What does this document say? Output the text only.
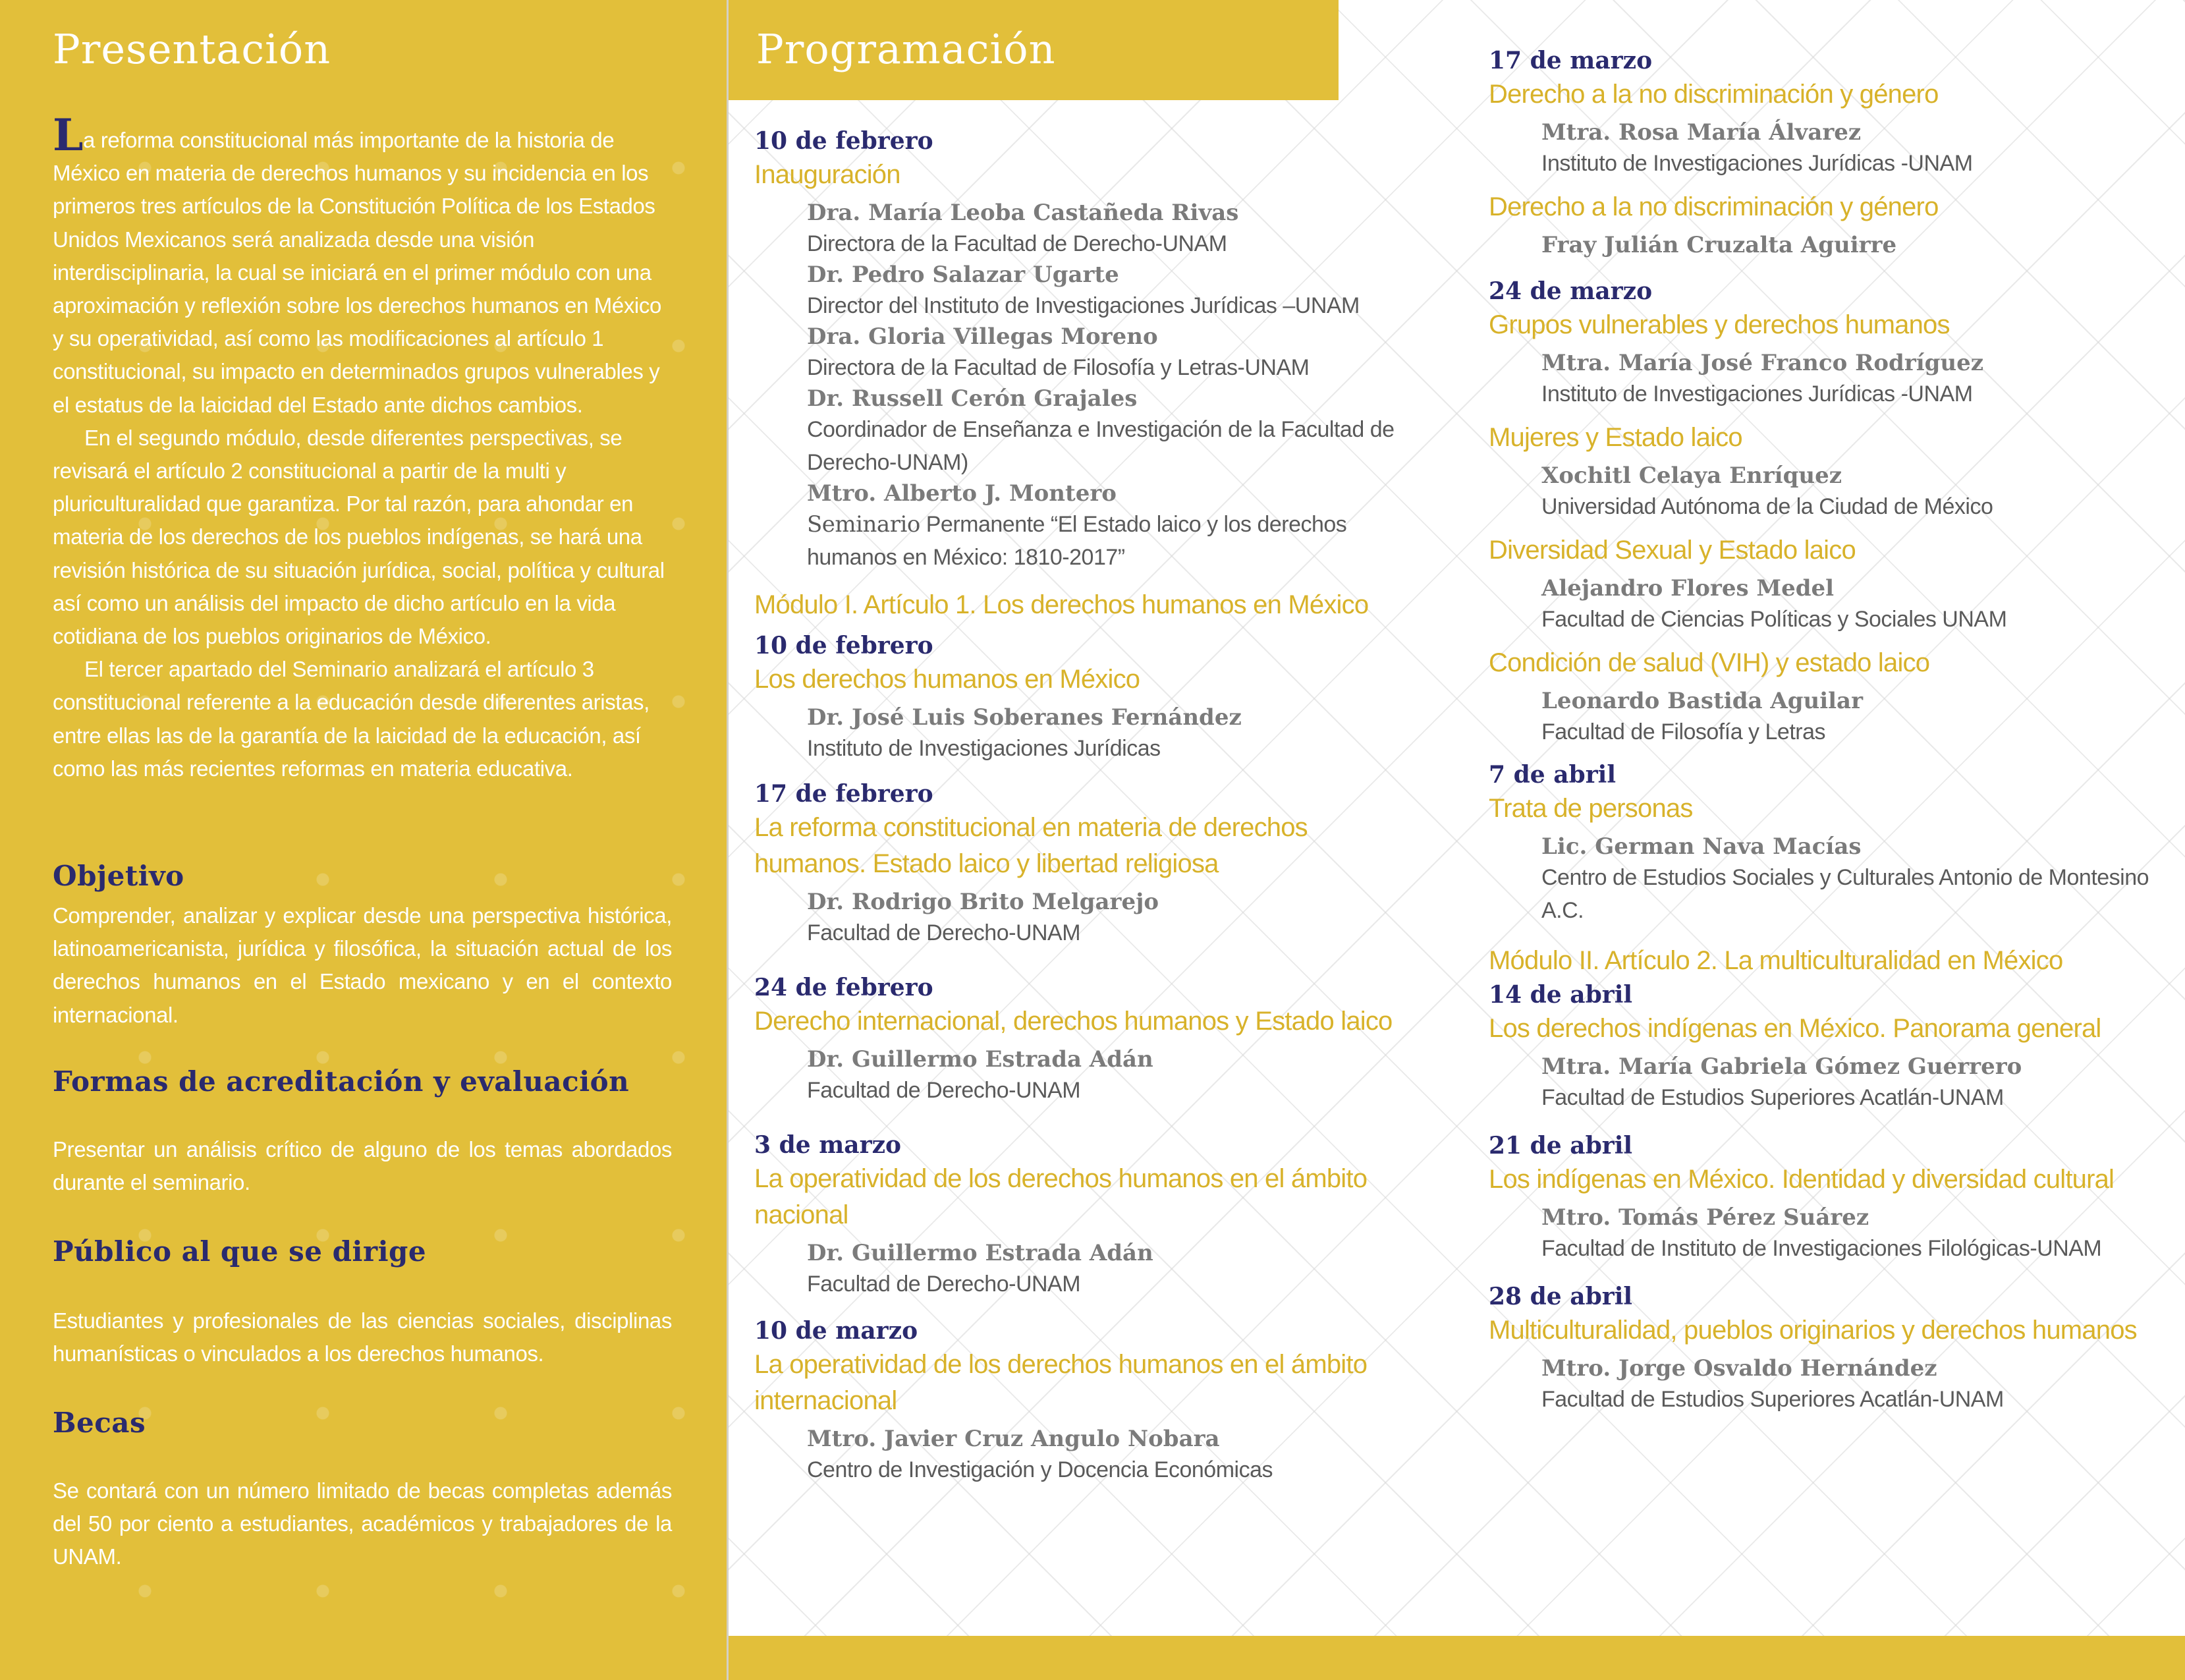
Presentación

La reforma constitucional más importante de la historia de México en materia de derechos humanos y su incidencia en los primeros tres artículos de la Constitución Política de los Estados Unidos Mexicanos será analizada desde una visión interdisciplinaria, la cual se iniciará en el primer módulo con una aproximación y reflexión sobre los derechos humanos en México y su operatividad, así como las modificaciones al artículo 1 constitucional, su impacto en determinados grupos vulnerables y el estatus de la laicidad del Estado ante dichos cambios.

En el segundo módulo, desde diferentes perspectivas, se revisará el artículo 2 constitucional a partir de la multi y pluriculturalidad que garantiza. Por tal razón, para ahondar en materia de los derechos de los pueblos indígenas, se hará una revisión histórica de su situación jurídica, social, política y cultural así como un análisis del impacto de dicho artículo en la vida cotidiana de los pueblos originarios de México.

El tercer apartado del Seminario analizará el artículo 3 constitucional referente a la educación desde diferentes aristas, entre ellas las de la garantía de la laicidad de la educación, así como las más recientes reformas en materia educativa.

Objetivo

Comprender, analizar y explicar desde una perspectiva histórica, latinoamericanista, jurídica y filosófica, la situación actual de los derechos humanos en el Estado mexicano y en el contexto internacional.

Formas de acreditación y evaluación

Presentar un análisis crítico de alguno de los temas abordados durante el seminario.

Público al que se dirige

Estudiantes y profesionales de las ciencias sociales, disciplinas humanísticas o vinculados a los derechos humanos.

Becas

Se contará con un número limitado de becas completas además del 50 por ciento a estudiantes, académicos y trabajadores de la UNAM.

Programación

10 de febrero

Inauguración

Dra. María Leoba Castañeda Rivas

Directora de la Facultad de Derecho-UNAM

Dr. Pedro Salazar Ugarte

Director del Instituto de Investigaciones Jurídicas –UNAM

Dra. Gloria Villegas Moreno

Directora de la Facultad de Filosofía y Letras-UNAM

Dr. Russell Cerón Grajales

Coordinador de Enseñanza e Investigación de la Facultad de Derecho-UNAM)

Mtro. Alberto J. Montero

Seminario Permanente “El Estado laico y los derechos humanos en México: 1810-2017”

Módulo I. Artículo 1. Los derechos humanos en México

10 de febrero

Los derechos humanos en México

Dr. José Luis Soberanes Fernández

Instituto de Investigaciones Jurídicas

17 de febrero

La reforma constitucional en materia de derechos humanos. Estado laico y libertad religiosa

Dr. Rodrigo Brito Melgarejo

Facultad de Derecho-UNAM

24 de febrero

Derecho internacional, derechos humanos y Estado laico

Dr. Guillermo Estrada Adán

Facultad de Derecho-UNAM

3 de marzo

La operatividad de los derechos humanos en el ámbito nacional

Dr. Guillermo Estrada Adán

Facultad de Derecho-UNAM

10 de marzo

La operatividad de los derechos humanos en el ámbito internacional

Mtro. Javier Cruz Angulo Nobara

Centro de Investigación y Docencia Económicas

17 de marzo

Derecho a la no discriminación y género

Mtra. Rosa María Álvarez

Instituto de Investigaciones Jurídicas -UNAM

Derecho a la no discriminación y género

Fray Julián Cruzalta Aguirre

24 de marzo

Grupos vulnerables y derechos humanos

Mtra. María José Franco Rodríguez

Instituto de Investigaciones Jurídicas -UNAM

Mujeres y Estado laico

Xochitl Celaya Enríquez

Universidad Autónoma de la Ciudad de México

Diversidad Sexual y Estado laico

Alejandro Flores Medel

Facultad de Ciencias Políticas y Sociales UNAM

Condición de salud (VIH) y estado laico

Leonardo Bastida Aguilar

Facultad de Filosofía y Letras

7 de abril

Trata de personas

Lic. German Nava Macías

Centro de Estudios Sociales y Culturales Antonio de Montesino A.C.

Módulo II. Artículo 2. La multiculturalidad en México

14 de abril

Los derechos indígenas en México. Panorama general

Mtra. María Gabriela Gómez Guerrero

Facultad de Estudios Superiores Acatlán-UNAM

21 de abril

Los indígenas en México. Identidad y diversidad cultural

Mtro. Tomás Pérez Suárez

Facultad de Instituto de Investigaciones Filológicas-UNAM

28 de abril

Multiculturalidad, pueblos originarios y derechos humanos

Mtro. Jorge Osvaldo Hernández

Facultad de Estudios Superiores Acatlán-UNAM
